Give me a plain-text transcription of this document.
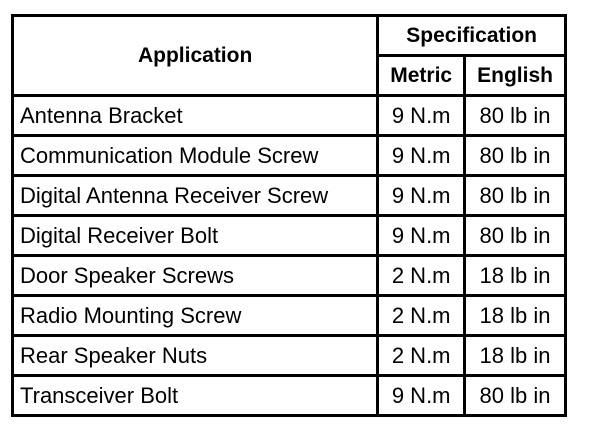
Application	Specification	
	Metric	English
Antenna Bracket	9 N.m	80 lb in
Communication Module Screw	9 N.m	80 lb in
Digital Antenna Receiver Screw	9 N.m	80 lb in
Digital Receiver Bolt	9 N.m	80 lb in
Door Speaker Screws	2 N.m	18 lb in
Radio Mounting Screw	2 N.m	18 lb in
Rear Speaker Nuts	2 N.m	18 lb in
Transceiver Bolt	9 N.m	80 lb in
